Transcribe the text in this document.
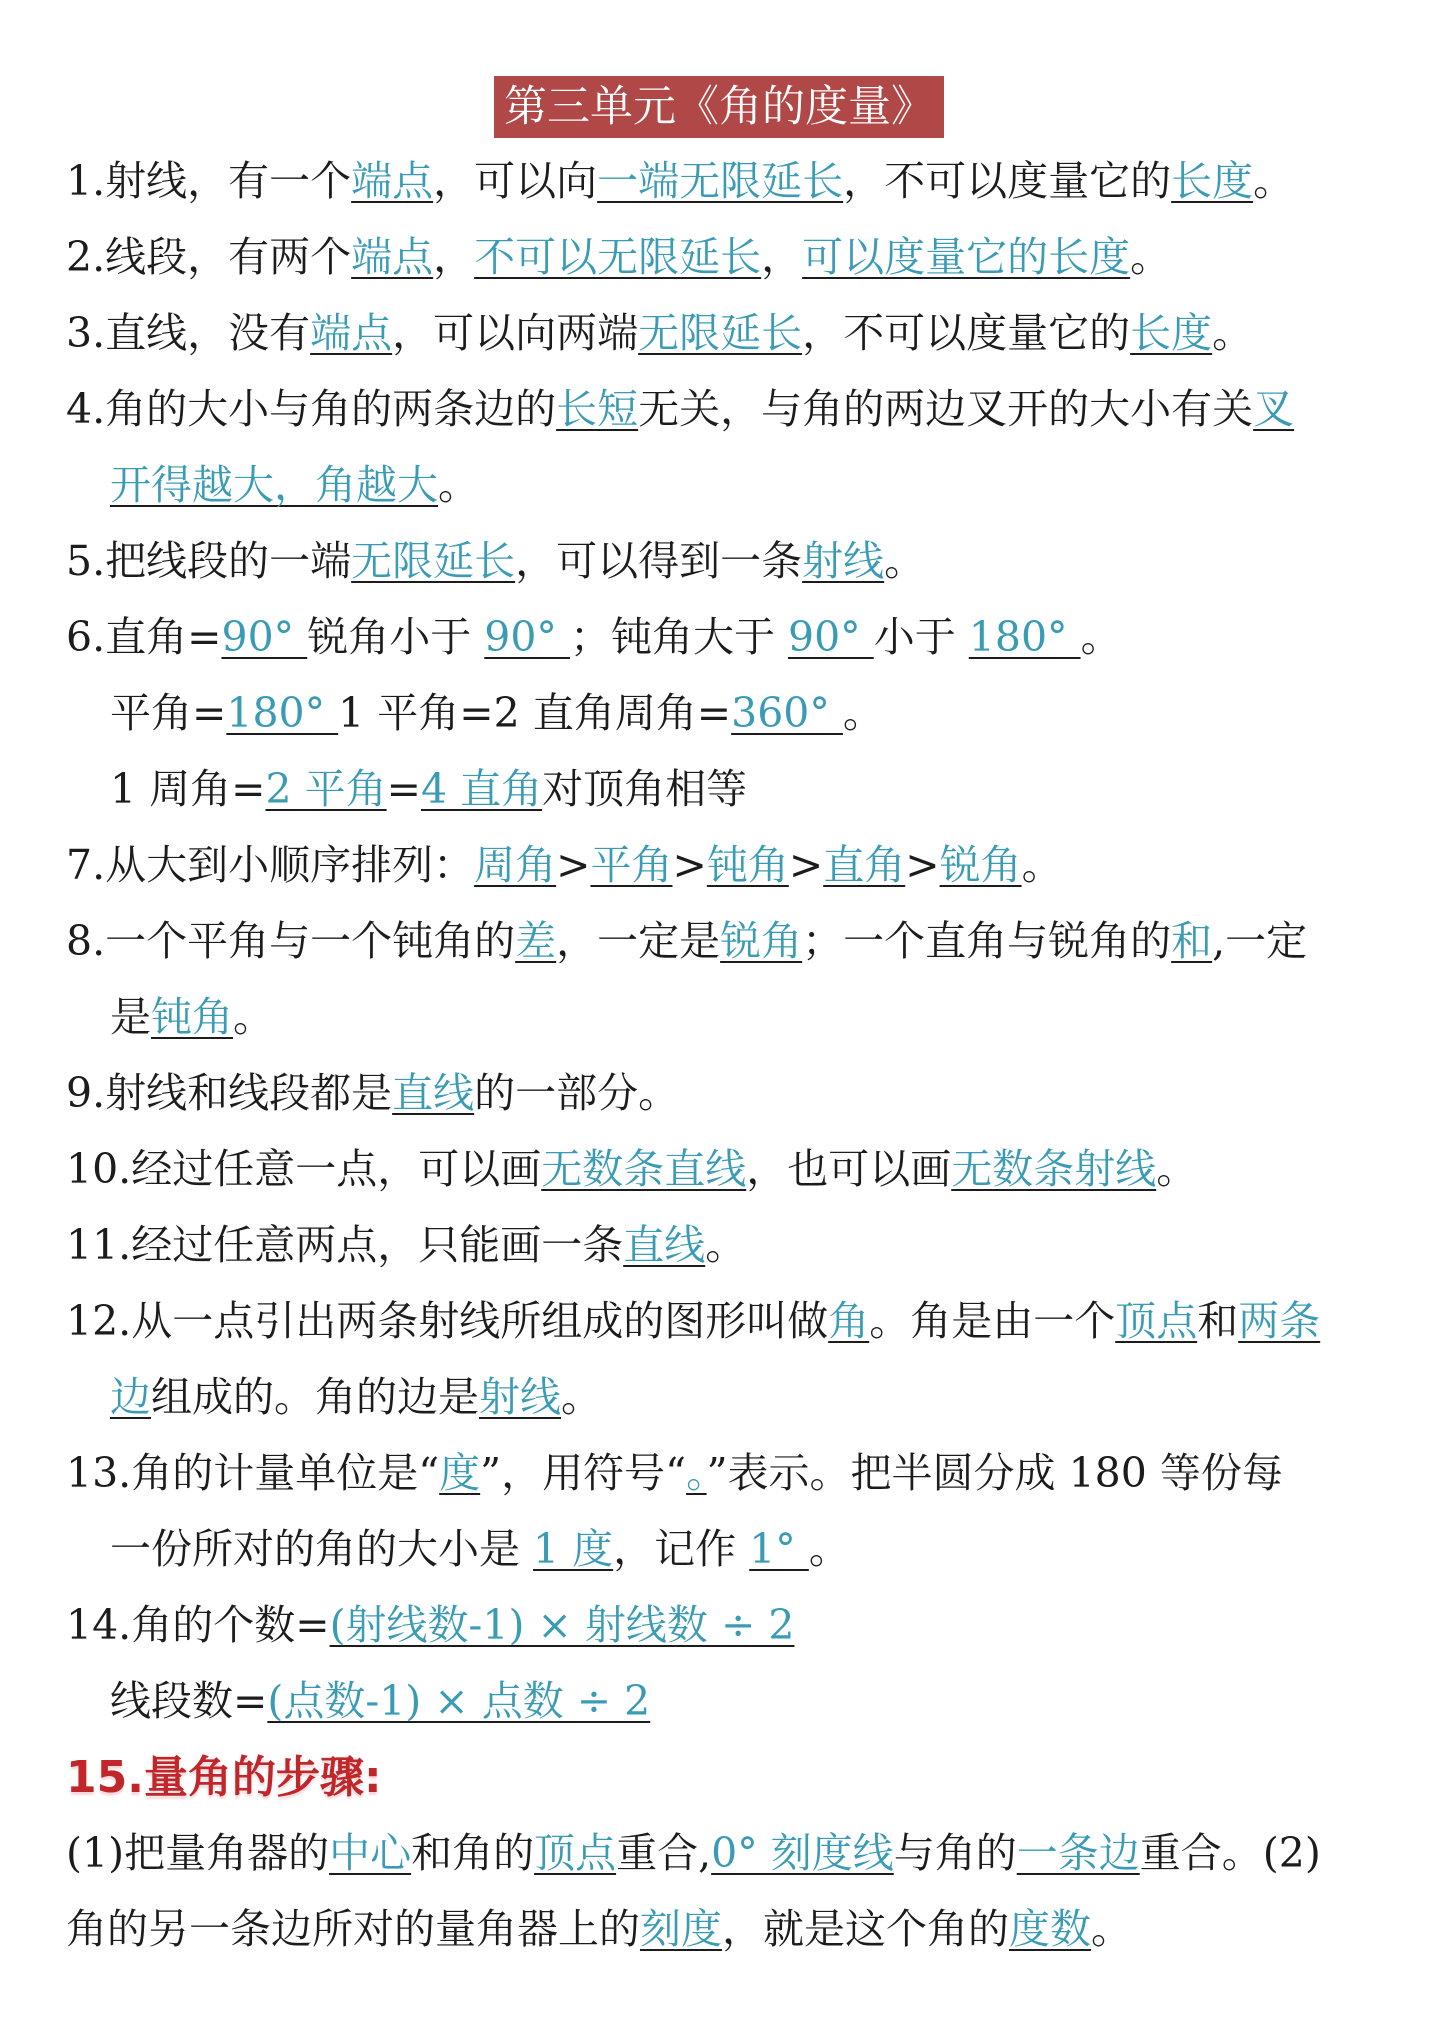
第三单元《角的度量》
1.射线，有一个端点，可以向一端无限延长，不可以度量它的长度。
2.线段，有两个端点，不可以无限延长，可以度量它的长度。
3.直线，没有端点，可以向两端无限延长，不可以度量它的长度。
4.角的大小与角的两条边的长短无关，与角的两边叉开的大小有关叉
开得越大，角越大。
5.把线段的一端无限延长，可以得到一条射线。
6.直角=90° 锐角小于 90° ；钝角大于 90° 小于 180° 。
平角=180° 1 平角=2 直角周角=360° 。
1 周角=2 平角=4 直角对顶角相等
7.从大到小顺序排列：周角>平角>钝角>直角>锐角。
8.一个平角与一个钝角的差，一定是锐角；一个直角与锐角的和,一定
是钝角。
9.射线和线段都是直线的一部分。
10.经过任意一点，可以画无数条直线，也可以画无数条射线。
11.经过任意两点，只能画一条直线。
12.从一点引出两条射线所组成的图形叫做角。角是由一个顶点和两条
边组成的。角的边是射线。
13.角的计量单位是“度”，用符号“。”表示。把半圆分成 180 等份每
一份所对的角的大小是 1 度，记作 1° 。
14.角的个数=(射线数-1) × 射线数 ÷ 2
线段数=(点数-1) × 点数 ÷ 2
15.量角的步骤:
(1)把量角器的中心和角的顶点重合,0° 刻度线与角的一条边重合。(2)
角的另一条边所对的量角器上的刻度，就是这个角的度数。
